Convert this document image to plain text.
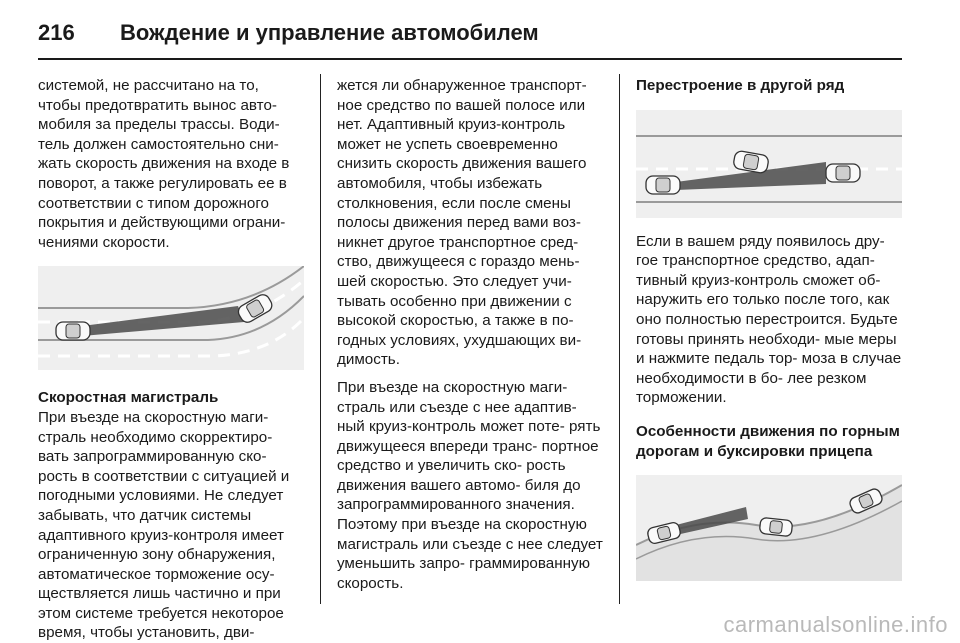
216 Вождение и управление автомобилем

системой, не рассчитано на то, чтобы предотвратить вынос авто- мобиля за пределы трассы. Води- тель должен самостоятельно сни- жать скорость движения на входе в поворот, а также регулировать ее в соответствии с типом дорожного покрытия и действующими ограни- чениями скорости.

Скоростная магистраль

При въезде на скоростную маги- страль необходимо скорректиро- вать запрограммированную ско- рость в соответствии с ситуацией и погодными условиями. Не следует забывать, что датчик системы адаптивного круиз-контроля имеет ограниченную зону обнаружения, автоматическое торможение осу- ществляется лишь частично и при этом системе требуется некоторое время, чтобы установить, дви-

жется ли обнаруженное транспорт- ное средство по вашей полосе или нет. Адаптивный круиз-контроль может не успеть своевременно снизить скорость движения вашего автомобиля, чтобы избежать столкновения, если после смены полосы движения перед вами воз- никнет другое транспортное сред- ство, движущееся с гораздо мень- шей скоростью. Это следует учи- тывать особенно при движении с высокой скоростью, а также в по- годных условиях, ухудшающих ви- димость.

При въезде на скоростную маги- страль или съезде с нее адаптив- ный круиз-контроль может поте- рять движущееся впереди транс- портное средство и увеличить ско- рость движения вашего автомо- биля до запрограммированного значения. Поэтому при въезде на скоростную магистраль или съезде с нее следует уменьшить запро- граммированную скорость.

Перестроение в другой ряд

Если в вашем ряду появилось дру- гое транспортное средство, адап- тивный круиз-контроль сможет об- наружить его только после того, как оно полностью перестроится. Будьте готовы принять необходи- мые меры и нажмите педаль тор- моза в случае необходимости в бо- лее резком торможении.

Особенности движения по горным дорогам и буксировки прицепа

carmanualsonline.info
